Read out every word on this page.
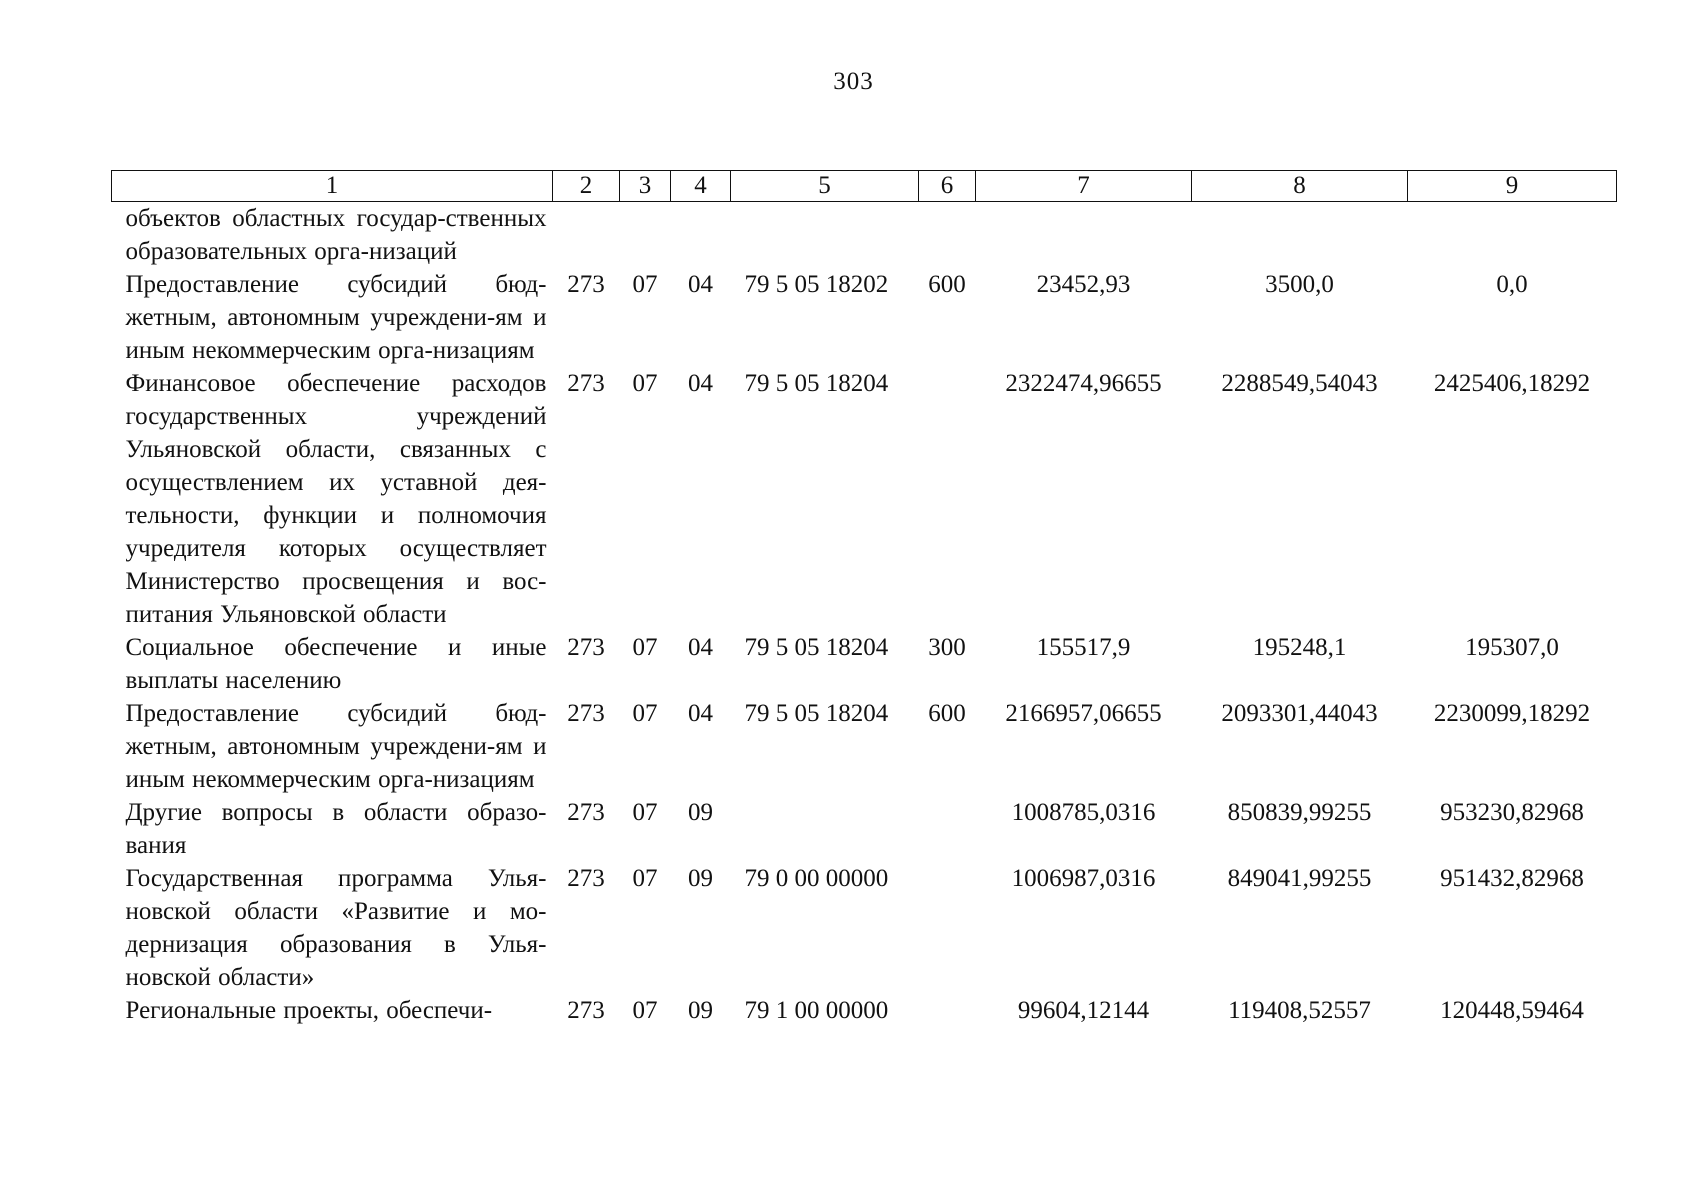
303
1	2	3	4	5	6	7	8	9
объектов областных государ-ственных образовательных орга-низаций								
Предоставление субсидий бюд-жетным, автономным учреждени-ям и иным некоммерческим орга-низациям	273	07	04	79 5 05 18202	600	23452,93	3500,0	0,0
Финансовое обеспечение расходов государственных учреждений Ульяновской области, связанных с осуществлением их уставной дея-тельности, функции и полномочия учредителя которых осуществляет Министерство просвещения и вос-питания Ульяновской области	273	07	04	79 5 05 18204		2322474,96655	2288549,54043	2425406,18292
Социальное обеспечение и иные выплаты населению	273	07	04	79 5 05 18204	300	155517,9	195248,1	195307,0
Предоставление субсидий бюд-жетным, автономным учреждени-ям и иным некоммерческим орга-низациям	273	07	04	79 5 05 18204	600	2166957,06655	2093301,44043	2230099,18292
Другие вопросы в области образо-вания	273	07	09			1008785,0316	850839,99255	953230,82968
Государственная программа Улья-новской области «Развитие и мо-дернизация образования в Улья-новской области»	273	07	09	79 0 00 00000		1006987,0316	849041,99255	951432,82968
Региональные проекты, обеспечи-	273	07	09	79 1 00 00000		99604,12144	119408,52557	120448,59464
